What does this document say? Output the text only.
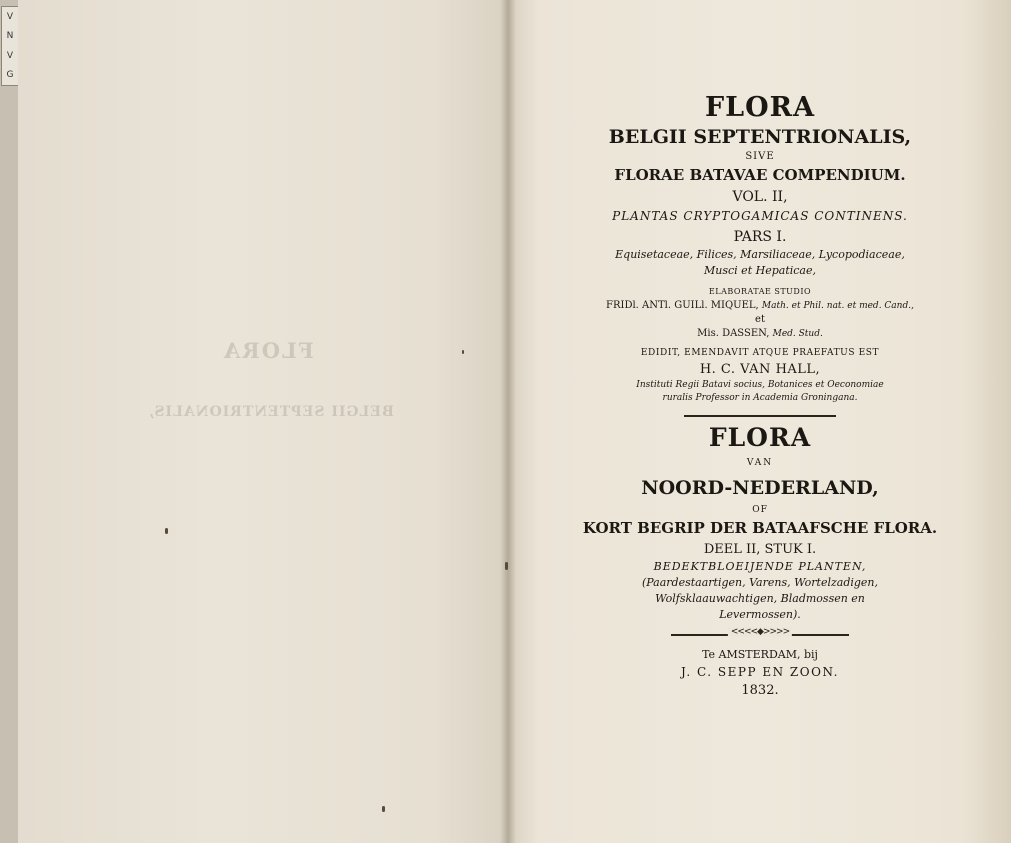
V
N
V
G
FLORA
BELGII SEPTENTRIONALIS,
FLORA
BELGII SEPTENTRIONALIS,
SIVE
FLORAE BATAVAE COMPENDIUM.
VOL. II,
PLANTAS CRYPTOGAMICAS CONTINENS.
PARS I.
Equisetaceae, Filices, Marsiliaceae, Lycopodiaceae,
Musci et Hepaticae,
ELABORATAE STUDIO
FRIDl. ANTl. GUILl. MIQUEL, Math. et Phil. nat. et med. Cand.,
et
Mis. DASSEN, Med. Stud.
EDIDIT, EMENDAVIT ATQUE PRAEFATUS EST
H. C. VAN HALL,
Instituti Regii Batavi socius, Botanices et Oeconomiae
ruralis Professor in Academia Groningana.
FLORA
VAN
NOORD-NEDERLAND,
OF
KORT BEGRIP DER BATAAFSCHE FLORA.
DEEL II, STUK I.
BEDEKTBLOEIJENDE PLANTEN,
(Paardestaartigen, Varens, Wortelzadigen,
Wolfsklaauwachtigen, Bladmossen en
Levermossen).
<<<<◆>>>>
Te AMSTERDAM, bij
J. C. SEPP EN ZOON.
1832.
